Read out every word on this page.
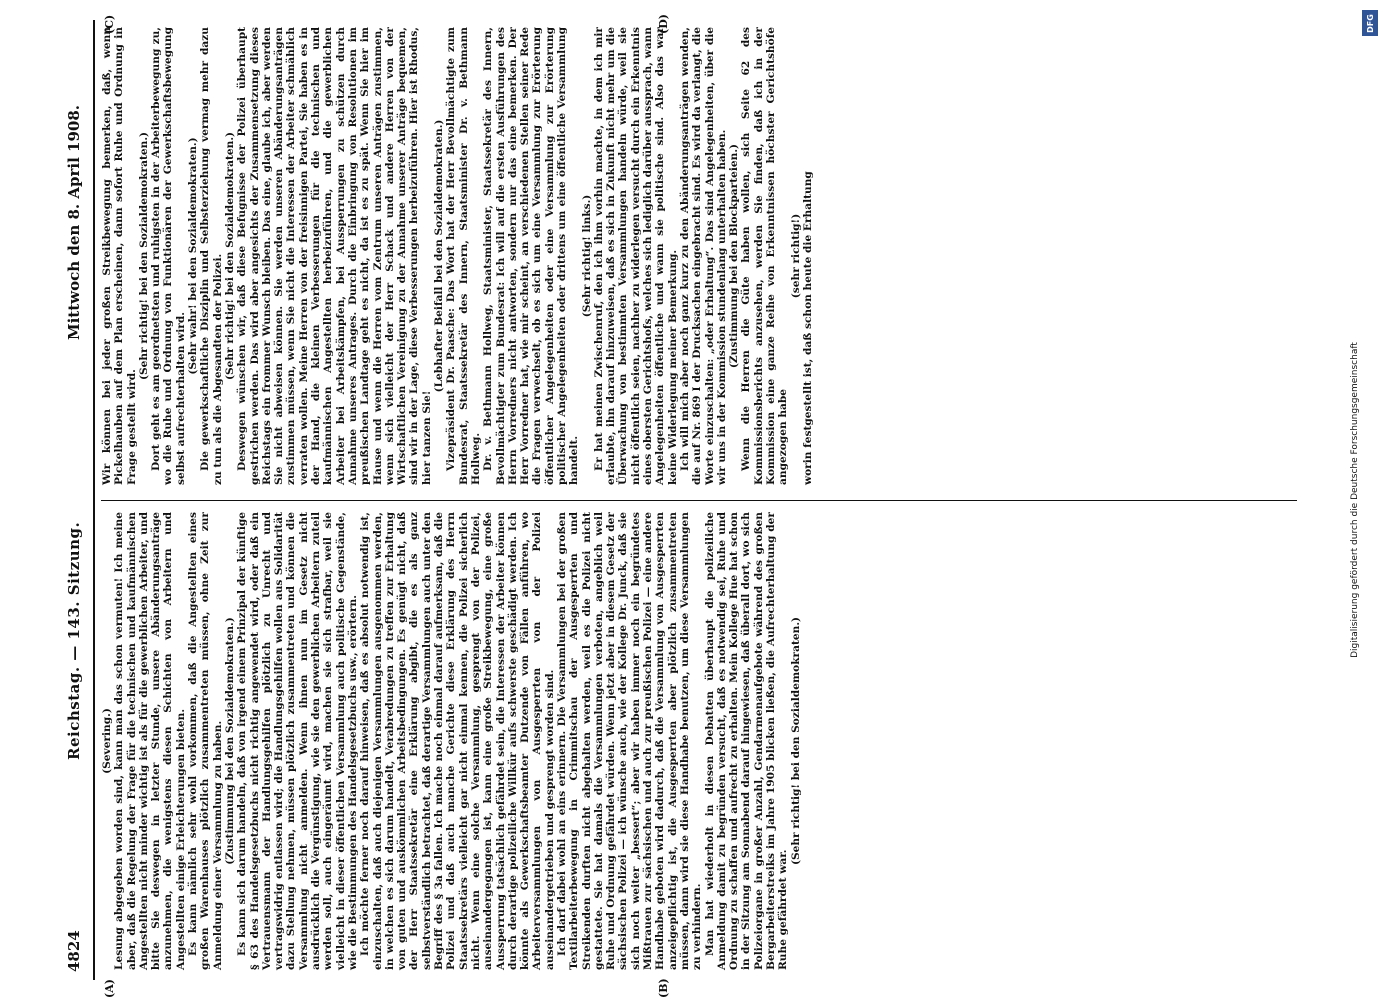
4824
Reichstag. — 143. Sitzung.
Mittwoch den 8. April 1908.
(A)	(B)
(C)	(D)

(Severing.) Lesung abgegeben worden sind, kann man das schon vermuten! Ich meine aber, daß die Regelung der Frage für die technischen und kaufmännischen Angestellten nicht minder wichtig ist als für die gewerblichen Arbeiter, und bitte Sie deswegen in letzter Stunde, unsere Abänderungsanträge anzunehmen, die wenigstens diesen Schichten von Arbeitern und Angestellten einige Erleichterungen bieten. Es kann nämlich sehr wohl vorkommen, daß die Angestellten eines großen Warenhauses plötzlich zusammentreten müssen, ohne Zeit zur Anmeldung einer Versammlung zu haben. (Zustimmung bei den Sozialdemokraten.) Es kann sich darum handeln, daß von irgend einem Prinzipal der künftige § 63 des Handelsgesetzbuchs nicht richtig angewendet wird, oder daß ein Vertrauensmann der Handlungsgehilfen plötzlich zu Unrecht und vertragswidrig entlassen wird; die Handlungsgehilfen wollen aus Solidarität dazu Stellung nehmen, müssen plötzlich zusammentreten und können die Versammlung nicht anmelden. Wenn ihnen nun im Gesetz nicht ausdrücklich die Vergünstigung, wie sie den gewerblichen Arbeitern zuteil werden soll, auch eingeräumt wird, machen sie sich strafbar, weil sie vielleicht in dieser öffentlichen Versammlung auch politische Gegenstände, wie die Bestimmungen des Handelsgesetzbuchs usw., erörtern. Ich möchte ferner noch darauf hinweisen, daß es absolut notwendig ist, einzuschalten, daß auch diejenigen Versammlungen ausgenommen werden, in welchen es sich darum handelt, Verabredungen zu treffen zur Erhaltung von guten und auskömmlichen Arbeitsbedingungen. Es genügt nicht, daß der Herr Staatssekretär eine Erklärung abgibt, die es als ganz selbstverständlich betrachtet, daß derartige Versammlungen auch unter den Begriff des § 3a fallen. Ich mache noch einmal darauf aufmerksam, daß die Polizei und daß auch manche Gerichte diese Erklärung des Herrn Staatssekretärs vielleicht gar nicht einmal kennen, die Polizei sicherlich nicht. Wenn eine solche Versammlung, gesprengt von der Polizei, auseinandergegangen ist, kann eine große Streikbewegung, eine große Aussperrung tatsächlich gefährdet sein, die Interessen der Arbeiter können durch derartige polizeiliche Willkür aufs schwerste geschädigt werden. Ich könnte als Gewerkschaftsbeamter Dutzende von Fällen anführen, wo Arbeiterversammlungen von Ausgesperrten von der Polizei auseinandergetrieben und gesprengt worden sind. Ich darf dabei wohl an eins erinnern. Die Versammlungen bei der großen Textilarbeiterbewegung in Crimmitschau der Ausgesperrten und Streikenden durften nicht abgehalten werden, weil es die Polizei nicht gestattete. Sie hat damals die Versammlungen verboten, angeblich weil Ruhe und Ordnung gefährdet würden. Wenn jetzt aber in diesem Gesetz der sächsischen Polizei — ich wünsche auch, wie der Kollege Dr. Junck, daß sie sich noch weiter „bessert“; aber wir haben immer noch ein begründetes Mißtrauen zur sächsischen und auch zur preußischen Polizei — eine andere Handhabe geboten wird dadurch, daß die Versammlung von Ausgesperrten anzeigepflichtig ist, die Ausgesperrten aber plötzlich zusammentreten müssen, dann wird sie diese Handhabe benutzen, um diese Versammlungen zu verhindern. Man hat wiederholt in diesen Debatten überhaupt die polizeiliche Anmeldung damit zu begründen versucht, daß es notwendig sei, Ruhe und Ordnung zu schaffen und aufrecht zu erhalten. Mein Kollege Hue hat schon in der Sitzung am Sonnabend darauf hingewiesen, daß überall dort, wo sich Polizeiorgane in großer Anzahl, Gendarmenaufgebote während des großen Bergarbeiterstreiks im Jahre 1905 blicken ließen, die Aufrechterhaltung der Ruhe gefährdet war.

(Sehr richtig! bei den Sozialdemokraten.)

Wir können bei jeder großen Streikbewegung bemerken, daß, wenn Pickelhauben auf dem Plan erscheinen, dann sofort Ruhe und Ordnung in Frage gestellt wird.

(Sehr richtig! bei den Sozialdemokraten.) Dort geht es am geordnetsten und ruhigsten in der Arbeiterbewegung zu, wo die Ruhe und Ordnung von Funktionären der Gewerkschaftsbewegung selbst aufrechterhalten wird.

(Sehr wahr! bei den Sozialdemokraten.) Die gewerkschaftliche Disziplin und Selbsterziehung vermag mehr dazu zu tun als die Abgesandten der Polizei. (Sehr richtig! bei den Sozialdemokraten.) Deswegen wünschen wir, daß diese Befugnisse der Polizei überhaupt gestrichen werden. Das wird aber angesichts der Zusammensetzung dieses Reichstags ein frommer Wunsch bleiben. Das eine, glaube ich, aber werden Sie nicht abweisen können. Sie werden unseren Abänderungsanträgen zustimmen müssen, wenn Sie nicht die Interessen der Arbeiter schmählich verraten wollen. Meine Herren von der freisinnigen Partei, Sie haben es in der Hand, die kleinen Verbesserungen für die technischen und kaufmännischen Angestellten herbeizuführen, und die gewerblichen Arbeiter bei Arbeitskämpfen, bei Aussperrungen zu schützen durch Annahme unseres Antrages. Durch die Einbringung von Resolutionen im preußischen Landtage geht es nicht, da ist es zu spät. Wenn Sie hier im Hause und wenn die Herren vom Zentrum unseren Anträgen zustimmen, wenn sich vielleicht der Herr Schack und andere Herren von der Wirtschaftlichen Vereinigung zu der Annahme unserer Anträge bequemen, sind wir in der Lage, diese Verbesserungen herbeizuführen. Hier ist Rhodus, hier tanzen Sie!

(Lebhafter Beifall bei den Sozialdemokraten.) Vizepräsident Dr. Paasche: Das Wort hat der Herr Bevollmächtigte zum Bundesrat, Staatssekretär des Innern, Staatsminister Dr. v. Bethmann Hollweg. Dr. v. Bethmann Hollweg, Staatsminister, Staatssekretär des Innern, Bevollmächtigter zum Bundesrat: Ich will auf die ersten Ausführungen des Herrn Vorredners nicht antworten, sondern nur das eine bemerken. Der Herr Vorredner hat, wie mir scheint, an verschiedenen Stellen seiner Rede die Fragen verwechselt, ob es sich um eine Versammlung zur Erörterung öffentlicher Angelegenheiten oder eine Versammlung zur Erörterung politischer Angelegenheiten oder drittens um eine öffentliche Versammlung handelt.

(Sehr richtig! links.) Er hat meinen Zwischenruf, den ich ihm vorhin machte, in dem ich mir erlaubte, ihn darauf hinzuweisen, daß es sich in Zukunft nicht mehr um die Überwachung von bestimmten Versammlungen handeln würde, weil sie nicht öffentlich seien, nachher zu widerlegen versucht durch ein Erkenntnis eines obersten Gerichtshofs, welches sich lediglich darüber aussprach, wann Angelegenheiten öffentliche und wann sie politische sind. Also das war keine Widerlegung meiner Bemerkung. Ich will mich aber noch ganz kurz zu den Abänderungsanträgen wenden, die auf Nr. 869 I der Drucksachen eingebracht sind. Es wird da verlangt, die Worte einzuschalten: „oder Erhaltung“. Das sind Angelegenheiten, über die wir uns in der Kommission stundenlang unterhalten haben. (Zustimmung bei den Blockparteien.) Wenn die Herren die Güte haben wollen, sich Seite 62 des Kommissionsberichts anzusehen, werden Sie finden, daß ich in der Kommission eine ganze Reihe von Erkenntnissen höchster Gerichtshöfe angezogen habe

(sehr richtig!) worin festgestellt ist, daß schon heute die Erhaltung

DFG
Digitalisierung gefördert durch die Deutsche Forschungsgemeinschaft
